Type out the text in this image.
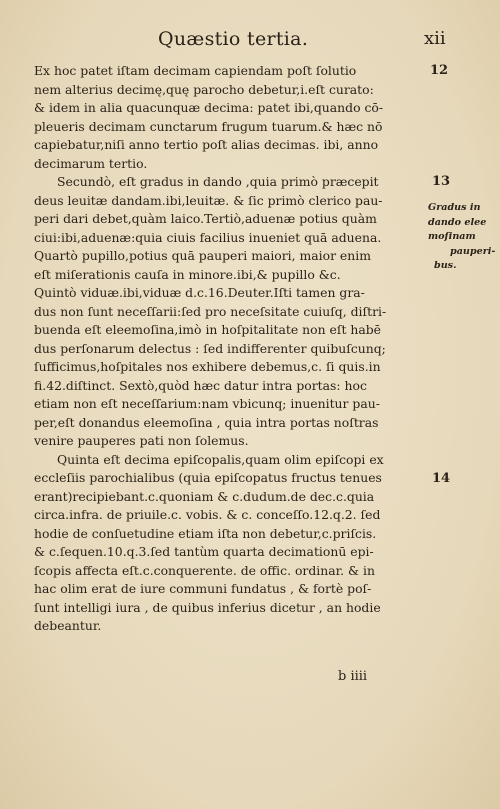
Quæstio tertia.	xii
Ex hoc patet iſtam decimam capiendam poſt ſolutio
nem alterius decimę,quę parocho debetur,i.eſt curato:
& idem in alia quacunquæ decima: patet ibi,quando cō-
pleueris decimam cunctarum frugum tuarum.& hæc nō
capiebatur,niſi anno tertio poſt alias decimas. ibi, anno
decimarum tertio.
Secundò, eſt gradus in dando ,quia primò præcepit
deus leuitæ dandam.ibi,leuitæ. & ſic primò clerico pau-
peri dari debet,quàm laico.Tertiò,aduenæ potius quàm
ciui:ibi,aduenæ:quia ciuis facilius inueniet quā aduena.
Quartò pupillo,potius quā pauperi maiori, maior enim
eſt miſerationis cauſa in minore.ibi,& pupillo &c.
Quintò viduæ.ibi,viduæ d.c.16.Deuter.Iſti tamen gra-
dus non ſunt neceſſarii:ſed pro neceſsitate cuiuſq, diſtri-
buenda eſt eleemoſina,imò in hoſpitalitate non eſt habē
dus perſonarum delectus : ſed indifferenter quibuſcunq;
ſufficimus,hoſpitales nos exhibere debemus,c. ſi quis.in
fi.42.diſtinct. Sextò,quòd hæc datur intra portas: hoc
etiam non eſt neceſſarium:nam vbicunq; inuenitur pau-
per,eſt donandus eleemoſina , quia intra portas noſtras
venire pauperes pati non ſolemus.
Quinta eſt decima epiſcopalis,quam olim epiſcopi ex
eccleſiis parochialibus (quia epiſcopatus fructus tenues
erant)recipiebant.c.quoniam & c.dudum.de dec.c.quia
circa.infra. de priuile.c. vobis. & c. conceſſo.12.q.2. ſed
hodie de conſuetudine etiam iſta non debetur,c.priſcis.
& c.ſequen.10.q.3.ſed tantùm quarta decimationū epi-
ſcopis affecta eſt.c.conquerente. de offic. ordinar. & in
hac olim erat de iure communi fundatus , & fortè poſ-
ſunt intelligi iura , de quibus inferius dicetur , an hodie
debeantur.
12
13
14
Gradus in
dando elee
moſinam
pauperi-
bus.
b iiii
